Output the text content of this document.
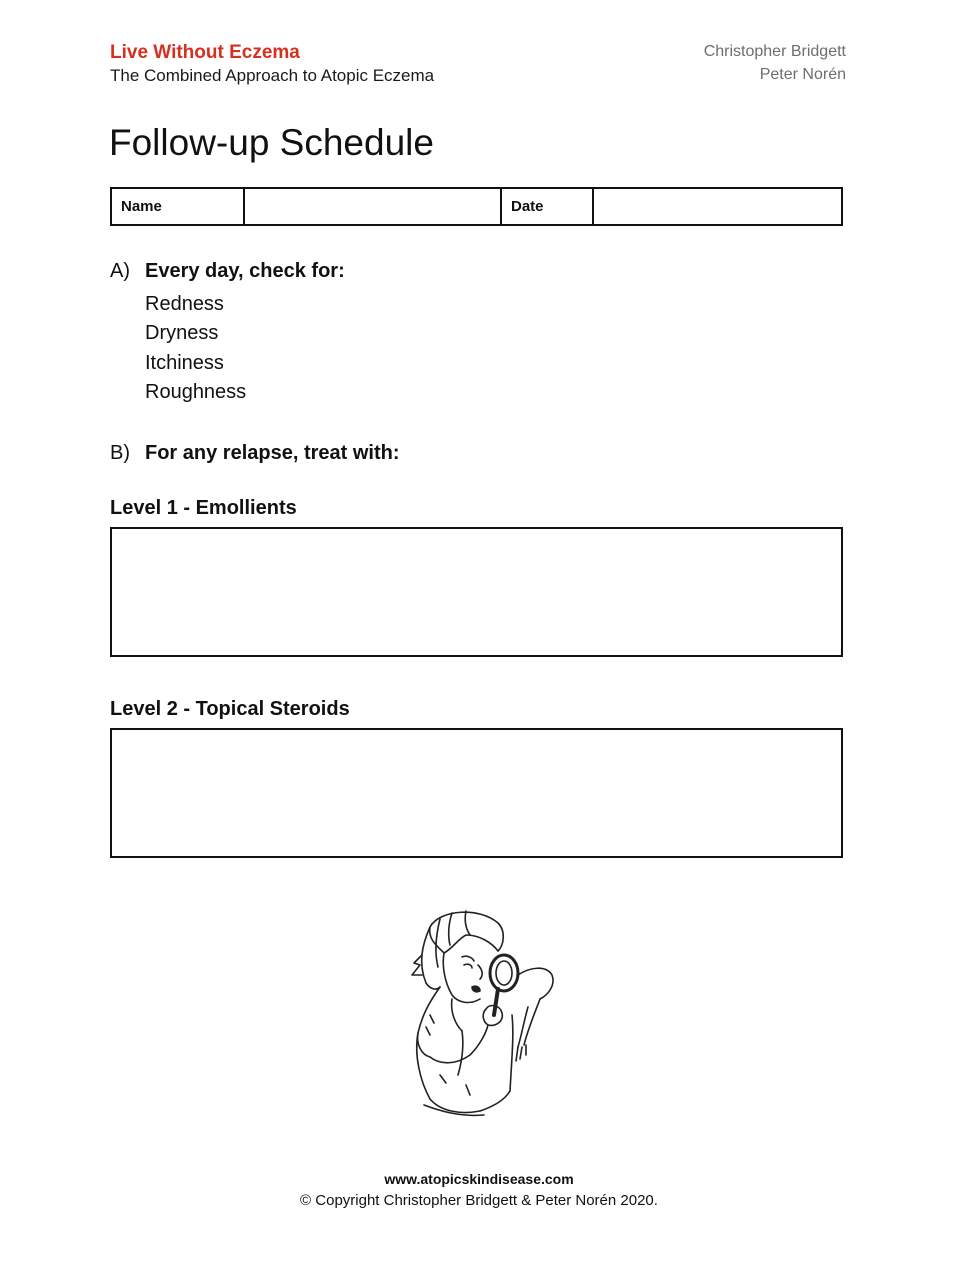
Live Without Eczema
The Combined Approach to Atopic Eczema
Christopher Bridgett
Peter Norén
Follow-up Schedule
Name	Date
A) Every day, check for:
Redness
Dryness
Itchiness
Roughness
B) For any relapse, treat with:
Level 1 - Emollients
Level 2 - Topical Steroids
www.atopicskindisease.com
© Copyright Christopher Bridgett & Peter Norén 2020.
